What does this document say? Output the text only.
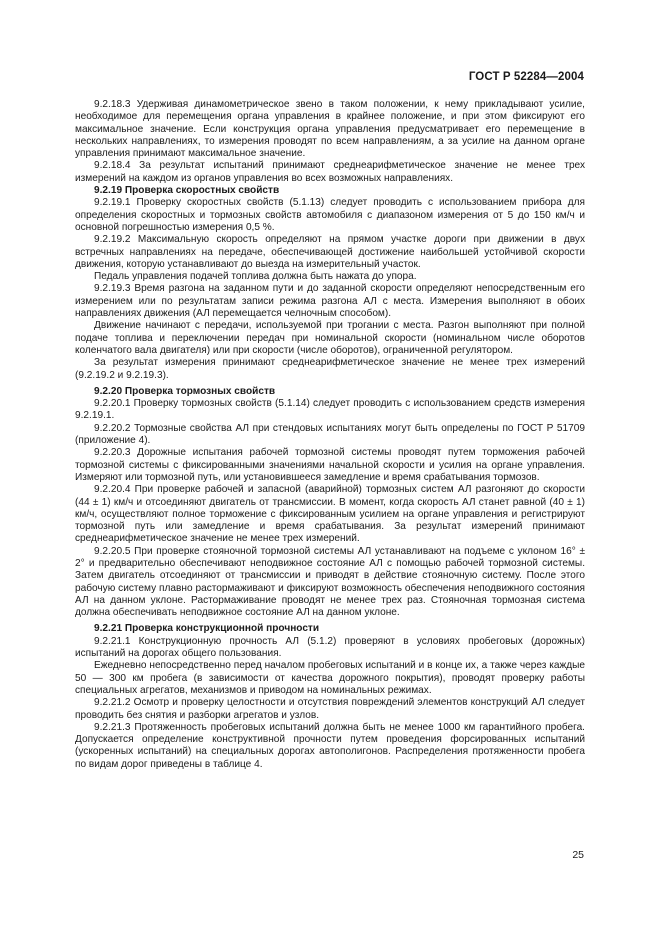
ГОСТ Р 52284—2004

9.2.18.3 Удерживая динамометрическое звено в таком положении, к нему прикладывают усилие, необходимое для перемещения органа управления в крайнее положение, и при этом фиксируют его максимальное значение. Если конструкция органа управления предусматривает его перемещение в нескольких направлениях, то измерения проводят по всем направлениям, а за усилие на данном органе управления принимают максимальное значение.

9.2.18.4 За результат испытаний принимают среднеарифметическое значение не менее трех измерений на каждом из органов управления во всех возможных направлениях.

9.2.19 Проверка скоростных свойств

9.2.19.1 Проверку скоростных свойств (5.1.13) следует проводить с использованием прибора для определения скоростных и тормозных свойств автомобиля с диапазоном измерения от 5 до 150 км/ч и основной погрешностью измерения 0,5 %.

9.2.19.2 Максимальную скорость определяют на прямом участке дороги при движении в двух встречных направлениях на передаче, обеспечивающей достижение наибольшей устойчивой скорости движения, которую устанавливают до выезда на измерительный участок.

Педаль управления подачей топлива должна быть нажата до упора.

9.2.19.3 Время разгона на заданном пути и до заданной скорости определяют непосредственным его измерением или по результатам записи режима разгона АЛ с места. Измерения выполняют в обоих направлениях движения (АЛ перемещается челночным способом).

Движение начинают с передачи, используемой при трогании с места. Разгон выполняют при полной подаче топлива и переключении передач при номинальной скорости (номинальном числе оборотов коленчатого вала двигателя) или при скорости (числе оборотов), ограниченной регулятором.

За результат измерения принимают среднеарифметическое значение не менее трех измерений (9.2.19.2 и 9.2.19.3).

9.2.20 Проверка тормозных свойств

9.2.20.1 Проверку тормозных свойств (5.1.14) следует проводить с использованием средств измерения 9.2.19.1.

9.2.20.2 Тормозные свойства АЛ при стендовых испытаниях могут быть определены по ГОСТ Р 51709 (приложение 4).

9.2.20.3 Дорожные испытания рабочей тормозной системы проводят путем торможения рабочей тормозной системы с фиксированными значениями начальной скорости и усилия на органе управления. Измеряют или тормозной путь, или установившееся замедление и время срабатывания тормозов.

9.2.20.4 При проверке рабочей и запасной (аварийной) тормозных систем АЛ разгоняют до скорости (44 ± 1) км/ч и отсоединяют двигатель от трансмиссии. В момент, когда скорость АЛ станет равной (40 ± 1) км/ч, осуществляют полное торможение с фиксированным усилием на органе управления и регистрируют тормозной путь или замедление и время срабатывания. За результат измерений принимают среднеарифметическое значение не менее трех измерений.

9.2.20.5 При проверке стояночной тормозной системы АЛ устанавливают на подъеме с уклоном 16° ± 2° и предварительно обеспечивают неподвижное состояние АЛ с помощью рабочей тормозной системы. Затем двигатель отсоединяют от трансмиссии и приводят в действие стояночную систему. После этого рабочую систему плавно растормаживают и фиксируют возможность обеспечения неподвижного состояния АЛ на данном уклоне. Растормаживание проводят не менее трех раз. Стояночная тормозная система должна обеспечивать неподвижное состояние АЛ на данном уклоне.

9.2.21 Проверка конструкционной прочности

9.2.21.1 Конструкционную прочность АЛ (5.1.2) проверяют в условиях пробеговых (дорожных) испытаний на дорогах общего пользования.

Ежедневно непосредственно перед началом пробеговых испытаний и в конце их, а также через каждые 50 — 300 км пробега (в зависимости от качества дорожного покрытия), проводят проверку работы специальных агрегатов, механизмов и приводом на номинальных режимах.

9.2.21.2 Осмотр и проверку целостности и отсутствия повреждений элементов конструкций АЛ следует проводить без снятия и разборки агрегатов и узлов.

9.2.21.3 Протяженность пробеговых испытаний должна быть не менее 1000 км гарантийного пробега. Допускается определение конструктивной прочности путем проведения форсированных испытаний (ускоренных испытаний) на специальных дорогах автополигонов. Распределения протяженности пробега по видам дорог приведены в таблице 4.

25
